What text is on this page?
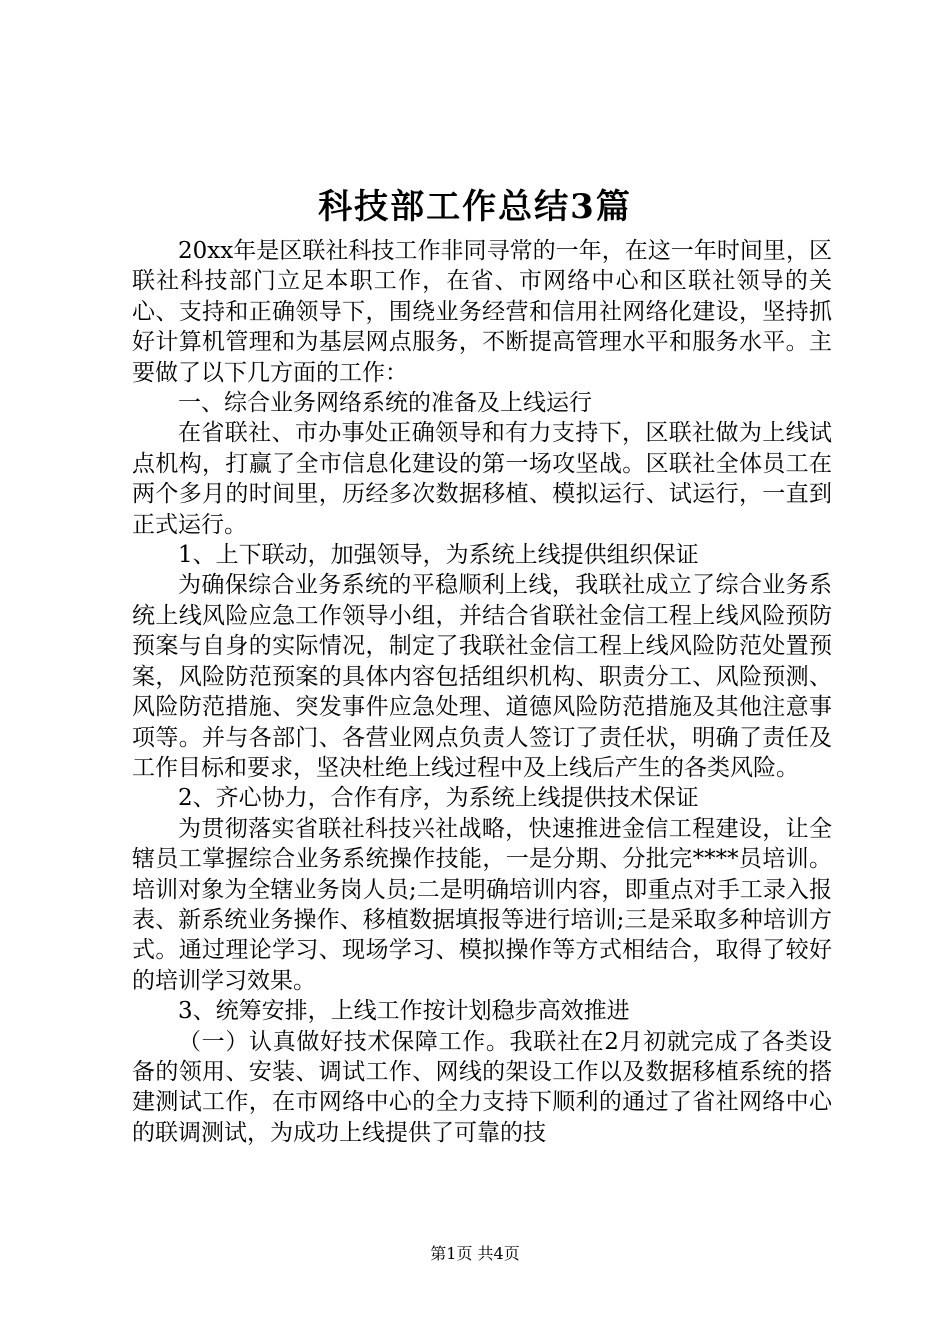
科技部工作总结3篇

20xx年是区联社科技工作非同寻常的一年，在这一年时间里，区联社科技部门立足本职工作，在省、市网络中心和区联社领导的关心、支持和正确领导下，围绕业务经营和信用社网络化建设，坚持抓好计算机管理和为基层网点服务，不断提高管理水平和服务水平。主要做了以下几方面的工作：

一、综合业务网络系统的准备及上线运行

在省联社、市办事处正确领导和有力支持下，区联社做为上线试点机构，打赢了全市信息化建设的第一场攻坚战。区联社全体员工在两个多月的时间里，历经多次数据移植、模拟运行、试运行，一直到正式运行。

1、上下联动，加强领导，为系统上线提供组织保证

为确保综合业务系统的平稳顺利上线，我联社成立了综合业务系统上线风险应急工作领导小组，并结合省联社金信工程上线风险预防预案与自身的实际情况，制定了我联社金信工程上线风险防范处置预案，风险防范预案的具体内容包括组织机构、职责分工、风险预测、风险防范措施、突发事件应急处理、道德风险防范措施及其他注意事项等。并与各部门、各营业网点负责人签订了责任状，明确了责任及工作目标和要求，坚决杜绝上线过程中及上线后产生的各类风险。

2、齐心协力，合作有序，为系统上线提供技术保证

为贯彻落实省联社科技兴社战略，快速推进金信工程建设，让全辖员工掌握综合业务系统操作技能，一是分期、分批完****员培训。培训对象为全辖业务岗人员;二是明确培训内容，即重点对手工录入报表、新系统业务操作、移植数据填报等进行培训;三是采取多种培训方式。通过理论学习、现场学习、模拟操作等方式相结合，取得了较好的培训学习效果。

3、统筹安排，上线工作按计划稳步高效推进

（一）认真做好技术保障工作。我联社在2月初就完成了各类设备的领用、安装、调试工作、网线的架设工作以及数据移植系统的搭建测试工作，在市网络中心的全力支持下顺利的通过了省社网络中心的联调测试，为成功上线提供了可靠的技

第1页 共4页
